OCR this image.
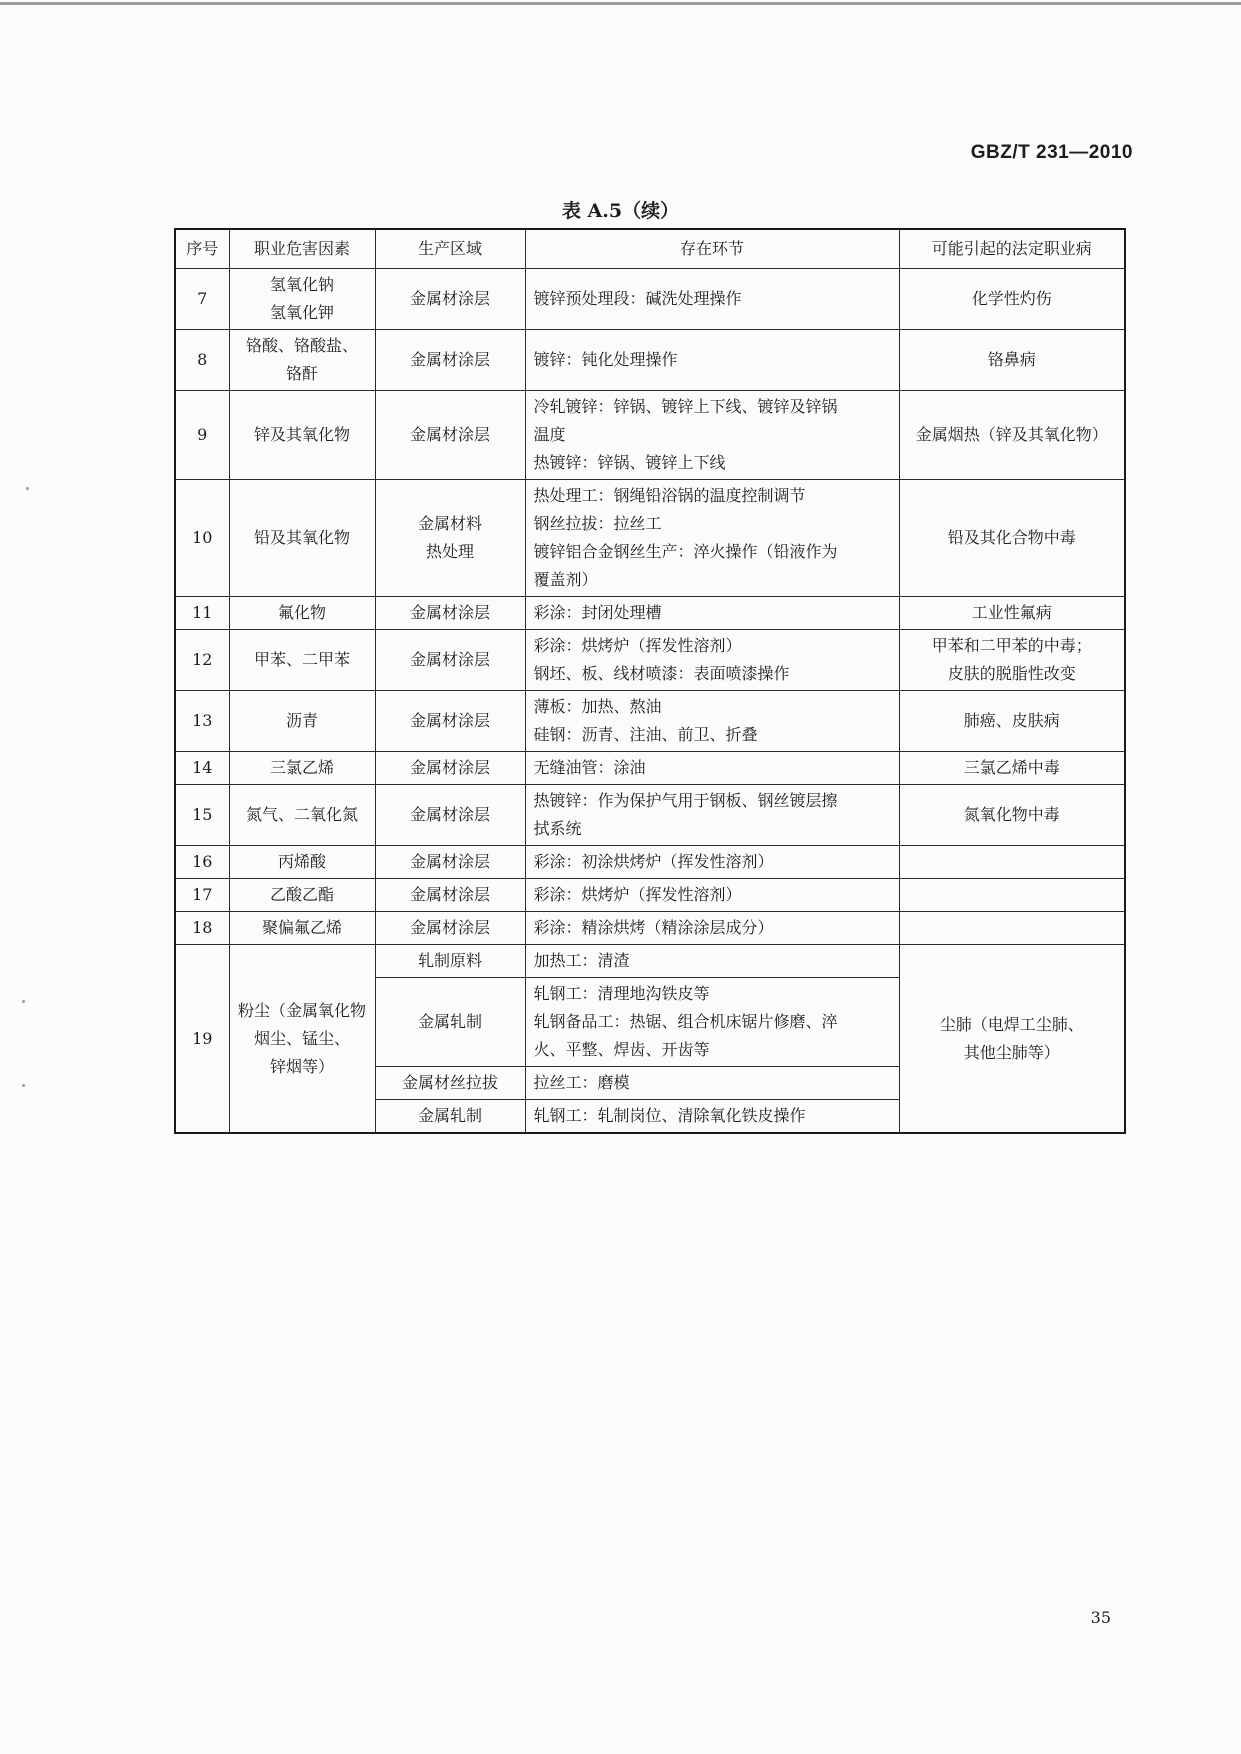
GBZ/T 231—2010
表 A.5（续）
序号	职业危害因素	生产区域	存在环节	可能引起的法定职业病
7	氢氧化钠
氢氧化钾	金属材涂层	镀锌预处理段：碱洗处理操作	化学性灼伤

8	铬酸、铬酸盐、
铬酐	金属材涂层	镀锌：钝化处理操作	铬鼻病

9	锌及其氧化物	金属材涂层	冷轧镀锌：锌锅、镀锌上下线、镀锌及锌锅
温度
热镀锌：锌锅、镀锌上下线	金属烟热（锌及其氧化物）

10	铅及其氧化物	金属材料
热处理	热处理工：钢绳铅浴锅的温度控制调节
钢丝拉拔：拉丝工
镀锌铝合金钢丝生产：淬火操作（铅液作为
覆盖剂）	铅及其化合物中毒

11	氟化物	金属材涂层	彩涂：封闭处理槽	工业性氟病

12	甲苯、二甲苯	金属材涂层	彩涂：烘烤炉（挥发性溶剂）
钢坯、板、线材喷漆：表面喷漆操作	甲苯和二甲苯的中毒；
皮肤的脱脂性改变

13	沥青	金属材涂层	薄板：加热、熬油
硅钢：沥青、注油、前卫、折叠	肺癌、皮肤病

14	三氯乙烯	金属材涂层	无缝油管：涂油	三氯乙烯中毒

15	氮气、二氧化氮	金属材涂层	热镀锌：作为保护气用于钢板、钢丝镀层擦
拭系统	氮氧化物中毒

16	丙烯酸	金属材涂层	彩涂：初涂烘烤炉（挥发性溶剂）	

17	乙酸乙酯	金属材涂层	彩涂：烘烤炉（挥发性溶剂）	

18	聚偏氟乙烯	金属材涂层	彩涂：精涂烘烤（精涂涂层成分）	

19	粉尘（金属氧化物
烟尘、锰尘、
锌烟等）	轧制原料	加热工：清渣	尘肺（电焊工尘肺、
其他尘肺等）

		金属轧制	轧钢工：清理地沟铁皮等
轧钢备品工：热锯、组合机床锯片修磨、淬
火、平整、焊齿、开齿等	

		金属材丝拉拔	拉丝工：磨模	

		金属轧制	轧钢工：轧制岗位、清除氧化铁皮操作	
35
